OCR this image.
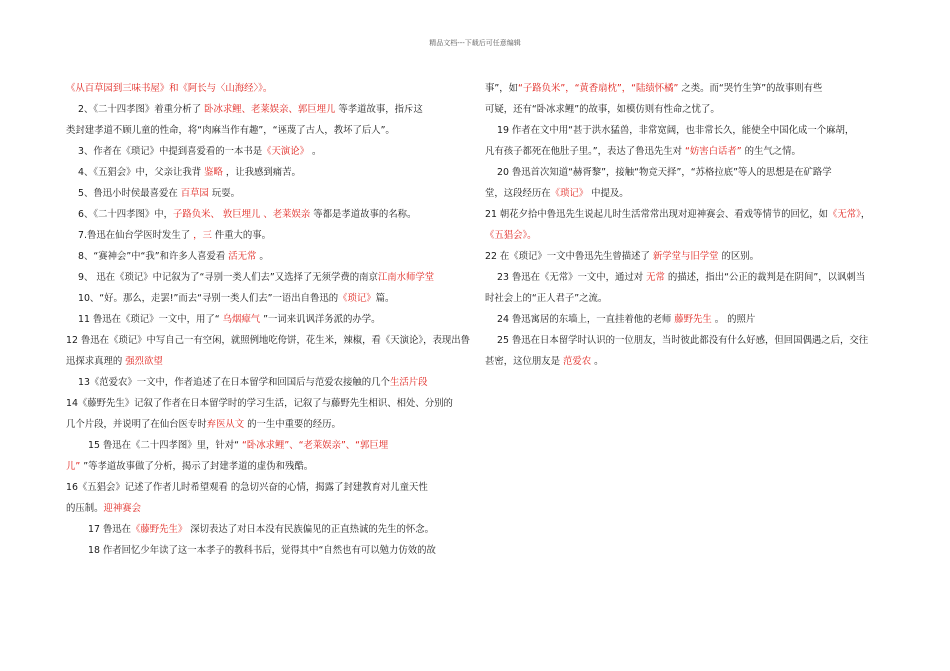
精品文档---下载后可任意编辑
《从百草园到三味书屋》和《阿长与〈山海经〉》。
2、《二十四孝图》着重分析了 卧冰求鲤、老莱娱亲、郭巨埋儿 等孝道故事，指斥这
类封建孝道不顾儿童的性命，将“肉麻当作有趣”，“诬蔑了古人，教坏了后人”。
3、作者在《琐记》中提到喜爱看的一本书是《天演论》 。
4、《五猖会》中，父亲让我背 鉴略 ，让我感到痛苦。
5、鲁迅小时侯最喜爱在 百草园 玩耍。
6、《二十四孝图》中，子路负米、 敦巨埋儿 、老莱娱亲 等都是孝道故事的名称。
7.鲁迅在仙台学医时发生了 ，三 件重大的事。
8、“赛神会”中“我”和许多人喜爱看 活无常 。
9、 迅在《琐记》中记叙为了“寻别一类人们去”又选择了无须学费的南京江南水师学堂
10、“好。那么，走罢!”而去“寻别一类人们去”一语出自鲁迅的《琐记》篇。
11 鲁迅在《琐记》一文中，用了“ 乌烟瘴气 ”一词来讥讽洋务派的办学。
12 鲁迅在《琐记》中写自己一有空闲，就照例地吃侉饼，花生米，辣椒，看《天演论》，表现出鲁
迅探求真理的 强烈欲望
13《范爱农》一文中，作者追述了在日本留学和回国后与范爱农接触的几个生活片段
14《藤野先生》记叙了作者在日本留学时的学习生活，记叙了与藤野先生相识、相处、分别的
几个片段，并说明了在仙台医专时弃医从文 的一生中重要的经历。
15 鲁迅在《二十四孝图》里，针对“ “卧冰求鲤”、“老莱娱亲”、“郭巨埋
儿” ”等孝道故事做了分析，揭示了封建孝道的虚伪和残酷。
16《五猖会》记述了作者儿时希望观看 的急切兴奋的心情，揭露了封建教育对儿童天性
的压制。迎神赛会
17 鲁迅在《藤野先生》 深切表达了对日本没有民族偏见的正直热诚的先生的怀念。
18 作者回忆少年读了这一本孝子的教科书后，觉得其中“自然也有可以勉力仿效的故
事”，如“子路负米”，“黄香扇枕”，“陆绩怀橘” 之类。而“哭竹生笋”的故事则有些
可疑，还有“卧冰求鲤”的故事，如模仿则有性命之忧了。
19 作者在文中用“甚于洪水猛兽，非常宽阔，也非常长久，能使全中国化成一个麻胡，
凡有孩子都死在他肚子里。”，表达了鲁迅先生对 “妨害白话者” 的生气之情。
20 鲁迅首次知道“赫胥黎”，接触“物竞天择”，“苏格拉底”等人的思想是在矿路学
堂，这段经历在《琐记》 中提及。
21 朝花夕拾中鲁迅先生说起儿时生活常常出现对迎神赛会、看戏等情节的回忆，如《无常》，
《五猖会》。
22 在《琐记》一文中鲁迅先生曾描述了 新学堂与旧学堂 的区别。
23 鲁迅在《无常》一文中，通过对 无常 的描述，指出“公正的裁判是在阴间”，以讽刺当
时社会上的“正人君子”之流。
24 鲁迅寓居的东墙上，一直挂着他的老师 藤野先生 。 的照片
25 鲁迅在日本留学时认识的一位朋友，当时彼此都没有什么好感，但回国偶遇之后，交往
甚密，这位朋友是 范爱农 。
